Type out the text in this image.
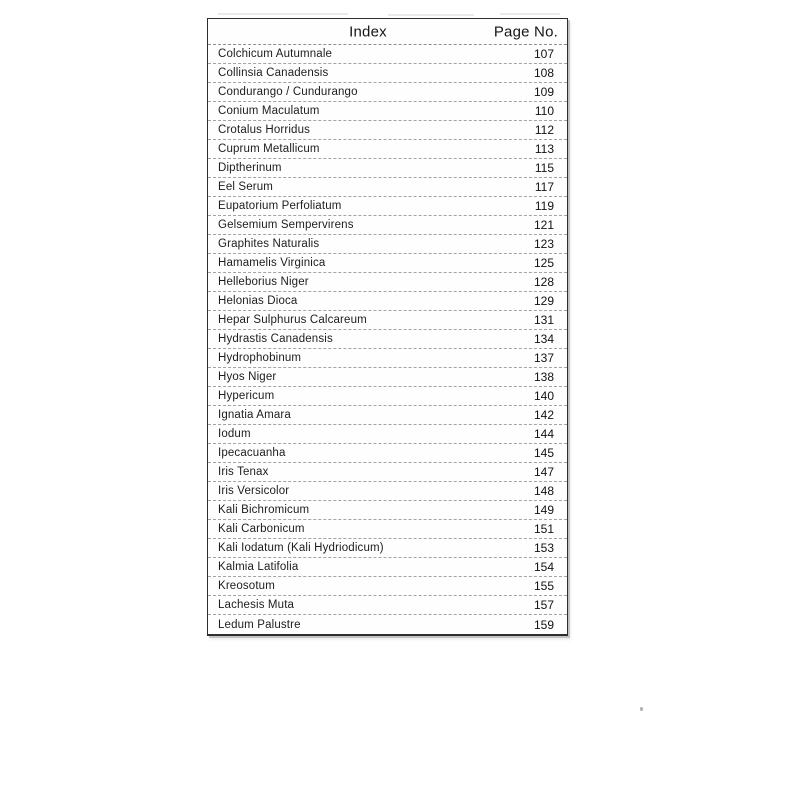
Index	Page No.
Colchicum Autumnale	107
Collinsia Canadensis	108
Condurango / Cundurango	109
Conium Maculatum	110
Crotalus Horridus	112
Cuprum Metallicum	113
Diptherinum	115
Eel Serum	117
Eupatorium Perfoliatum	119
Gelsemium Sempervirens	121
Graphites Naturalis	123
Hamamelis Virginica	125
Helleborius Niger	128
Helonias Dioca	129
Hepar Sulphurus Calcareum	131
Hydrastis Canadensis	134
Hydrophobinum	137
Hyos Niger	138
Hypericum	140
Ignatia Amara	142
Iodum	144
Ipecacuanha	145
Iris Tenax	147
Iris Versicolor	148
Kali Bichromicum	149
Kali Carbonicum	151
Kali Iodatum (Kali Hydriodicum)	153
Kalmia Latifolia	154
Kreosotum	155
Lachesis Muta	157
Ledum Palustre	159
